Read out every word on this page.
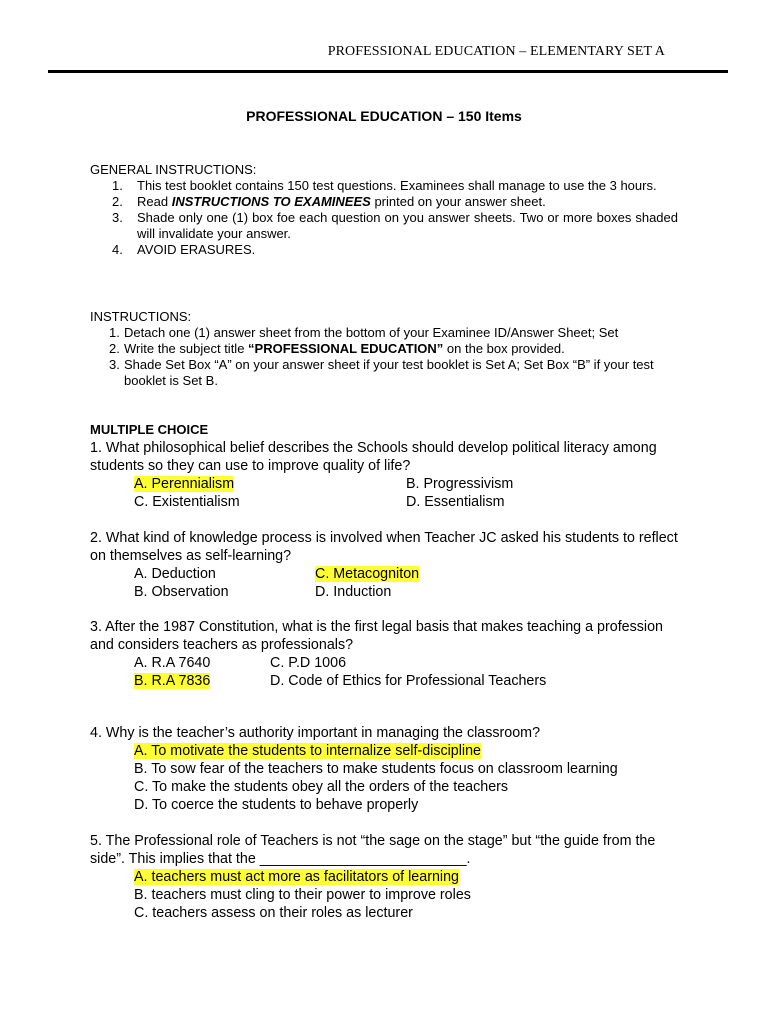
PROFESSIONAL EDUCATION – ELEMENTARY SET A
PROFESSIONAL EDUCATION – 150 Items
GENERAL INSTRUCTIONS:
1.	This test booklet contains 150 test questions. Examinees shall manage to use the 3 hours.
2.	Read INSTRUCTIONS TO EXAMINEES printed on your answer sheet.
3.	Shade only one (1) box foe each question on you answer sheets. Two or more boxes shaded will invalidate your answer.
4.	AVOID ERASURES.
INSTRUCTIONS:
1. Detach one (1) answer sheet from the bottom of your Examinee ID/Answer Sheet; Set
2. Write the subject title “PROFESSIONAL EDUCATION” on the box provided.
3. Shade Set Box “A” on your answer sheet if your test booklet is Set A; Set Box “B” if your test booklet is Set B.
MULTIPLE CHOICE
1. What philosophical belief describes the Schools should develop political literacy among students so they can use to improve quality of life?
A. Perennialism	B. Progressivism
C. Existentialism	D. Essentialism
2. What kind of knowledge process is involved when Teacher JC asked his students to reflect on themselves as self-learning?
A. Deduction	C. Metacogniton
B. Observation	D. Induction
3. After the 1987 Constitution, what is the first legal basis that makes teaching a profession and considers teachers as professionals?
A. R.A 7640	C. P.D 1006
B. R.A 7836	D. Code of Ethics for Professional Teachers
4. Why is the teacher’s authority important in managing the classroom?
A. To motivate the students to internalize self-discipline
B. To sow fear of the teachers to make students focus on classroom learning
C. To make the students obey all the orders of the teachers
D. To coerce the students to behave properly
5. The Professional role of Teachers is not “the sage on the stage” but “the guide from the side”. This implies that the __________________________.
A. teachers must act more as facilitators of learning
B. teachers must cling to their power to improve roles
C. teachers assess on their roles as lecturer
